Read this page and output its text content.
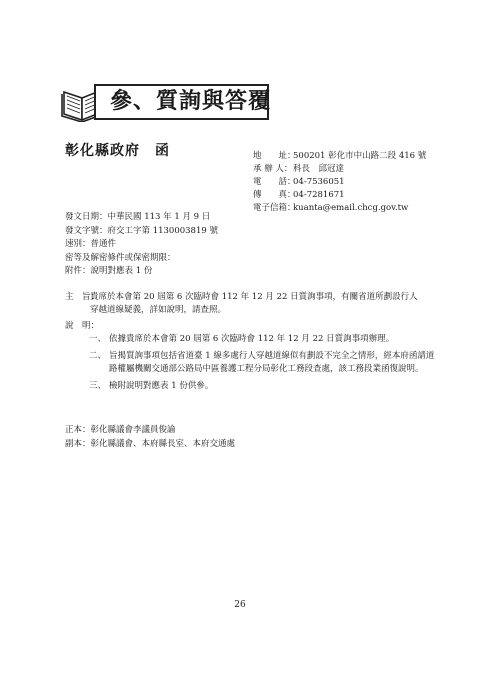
參、質詢與答覆
彰化縣政府　函	地　　址：
500201 彰化市中山路二段 416 號
承 辦 人： 科長　邱冠達
電　　話：
04-7536051
傳　　真：
04-7281671
電子信箱：
kuanta@email.chcg.gov.tw
發文日期：中華民國 113 年 1 月 9 日
發文字號：府交工字第 1130003819 號
速別：普通件
密等及解密條件或保密期限：
附件：說明對應表 1 份
主　旨：
貴席於本會第 20 屆第 6 次臨時會 112 年 12 月 22 日質詢事項，有關省道所劃設行人穿越道線疑義，詳如說明，請查照。
說　明：
一、 依據貴席於本會第 20 屆第 6 次臨時會 112 年 12 月 22 日質詢事項辦理。
二、 旨揭質詢事項包括省道臺 1 線多處行人穿越道線似有劃設不完全之情形，經本府函請道路權屬機關交通部公路局中區養護工程分局彰化工務段查處，該工務段業函復說明。
三、 檢附說明對應表 1 份供參。
正本：彰化縣議會李議員俊諭
副本：彰化縣議會、本府縣長室、本府交通處
26
